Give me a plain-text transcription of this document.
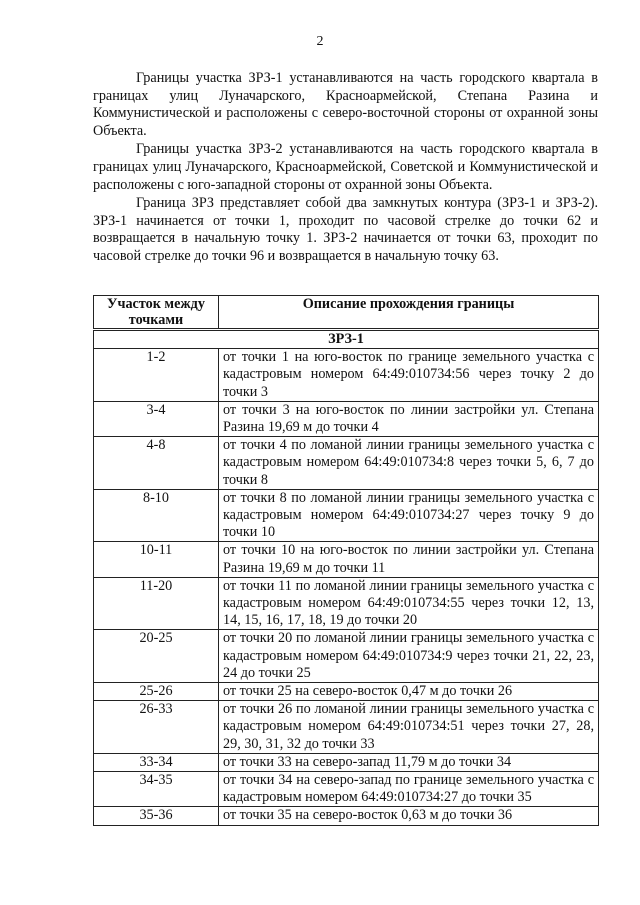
2

Границы участка ЗРЗ-1 устанавливаются на часть городского квартала в границах улиц Луначарского, Красноармейской, Степана Разина и Коммунистической и расположены с северо-восточной стороны от охранной зоны Объекта.

Границы участка ЗРЗ-2 устанавливаются на часть городского квартала в границах улиц Луначарского, Красноармейской, Советской и Коммунистической и расположены с юго-западной стороны от охранной зоны Объекта.

Граница ЗРЗ представляет собой два замкнутых контура (ЗРЗ-1 и ЗРЗ-2). ЗРЗ-1 начинается от точки 1, проходит по часовой стрелке до точки 62 и возвращается в начальную точку 1. ЗРЗ-2 начинается от точки 63, проходит по часовой стрелке до точки 96 и возвращается в начальную точку 63.

Участок между точками	Описание прохождения границы
ЗРЗ-1	
1-2	от точки 1 на юго-восток по границе земельного участка с кадастровым номером 64:49:010734:56 через точку 2 до точки 3
3-4	от точки 3 на юго-восток по линии застройки ул. Степана Разина 19,69 м до точки 4
4-8	от точки 4 по ломаной линии границы земельного участка с кадастровым номером 64:49:010734:8 через точки 5, 6, 7 до точки 8
8-10	от точки 8 по ломаной линии границы земельного участка с кадастровым номером 64:49:010734:27 через точку 9 до точки 10
10-11	от точки 10 на юго-восток по линии застройки ул. Степана Разина 19,69 м до точки 11
11-20	от точки 11 по ломаной линии границы земельного участка с кадастровым номером 64:49:010734:55 через точки 12, 13, 14, 15, 16, 17, 18, 19 до точки 20
20-25	от точки 20 по ломаной линии границы земельного участка с кадастровым номером 64:49:010734:9 через точки 21, 22, 23, 24 до точки 25
25-26	от точки 25 на северо-восток 0,47 м до точки 26
26-33	от точки 26 по ломаной линии границы земельного участка с кадастровым номером 64:49:010734:51 через точки 27, 28, 29, 30, 31, 32 до точки 33
33-34	от точки 33 на северо-запад 11,79 м до точки 34
34-35	от точки 34 на северо-запад по границе земельного участка с кадастровым номером 64:49:010734:27 до точки 35
35-36	от точки 35 на северо-восток 0,63 м до точки 36
